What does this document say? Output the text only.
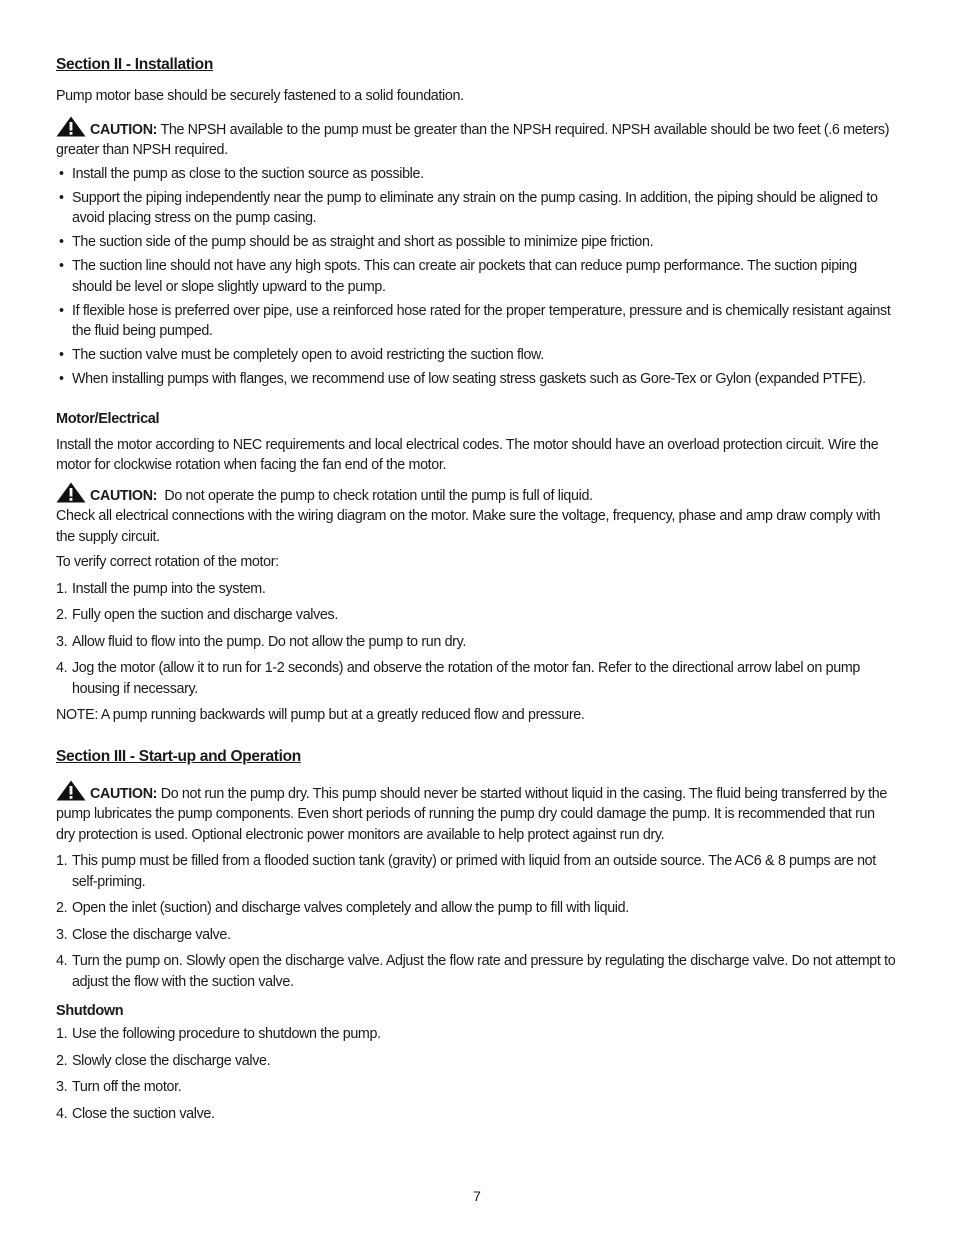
Section II - Installation

Pump motor base should be securely fastened to a solid foundation.

CAUTION: The NPSH available to the pump must be greater than the NPSH required. NPSH available should be two feet (.6 meters) greater than NPSH required.

• Install the pump as close to the suction source as possible.
• Support the piping independently near the pump to eliminate any strain on the pump casing. In addition, the piping should be aligned to avoid placing stress on the pump casing.
• The suction side of the pump should be as straight and short as possible to minimize pipe friction.
• The suction line should not have any high spots. This can create air pockets that can reduce pump performance. The suction piping should be level or slope slightly upward to the pump.
• If flexible hose is preferred over pipe, use a reinforced hose rated for the proper temperature, pressure and is chemically resistant against the fluid being pumped.
• The suction valve must be completely open to avoid restricting the suction flow.
• When installing pumps with flanges, we recommend use of low seating stress gaskets such as Gore-Tex or Gylon (expanded PTFE).
Motor/Electrical

Install the motor according to NEC requirements and local electrical codes. The motor should have an overload protection circuit. Wire the motor for clockwise rotation when facing the fan end of the motor.

CAUTION: Do not operate the pump to check rotation until the pump is full of liquid.

Check all electrical connections with the wiring diagram on the motor. Make sure the voltage, frequency, phase and amp draw comply with the supply circuit.

To verify correct rotation of the motor:

1. Install the pump into the system.
2. Fully open the suction and discharge valves.
3. Allow fluid to flow into the pump. Do not allow the pump to run dry.
4. Jog the motor (allow it to run for 1-2 seconds) and observe the rotation of the motor fan. Refer to the directional arrow label on pump housing if necessary.

NOTE: A pump running backwards will pump but at a greatly reduced flow and pressure.

Section III - Start-up and Operation

CAUTION: Do not run the pump dry. This pump should never be started without liquid in the casing. The fluid being transferred by the pump lubricates the pump components. Even short periods of running the pump dry could damage the pump. It is recommended that run dry protection is used. Optional electronic power monitors are available to help protect against run dry.

1. This pump must be filled from a flooded suction tank (gravity) or primed with liquid from an outside source. The AC6 & 8 pumps are not self-priming.
2. Open the inlet (suction) and discharge valves completely and allow the pump to fill with liquid.
3. Close the discharge valve.
4. Turn the pump on. Slowly open the discharge valve. Adjust the flow rate and pressure by regulating the discharge valve. Do not attempt to adjust the flow with the suction valve.
Shutdown
1. Use the following procedure to shutdown the pump.
2. Slowly close the discharge valve.
3. Turn off the motor.
4. Close the suction valve.
7
